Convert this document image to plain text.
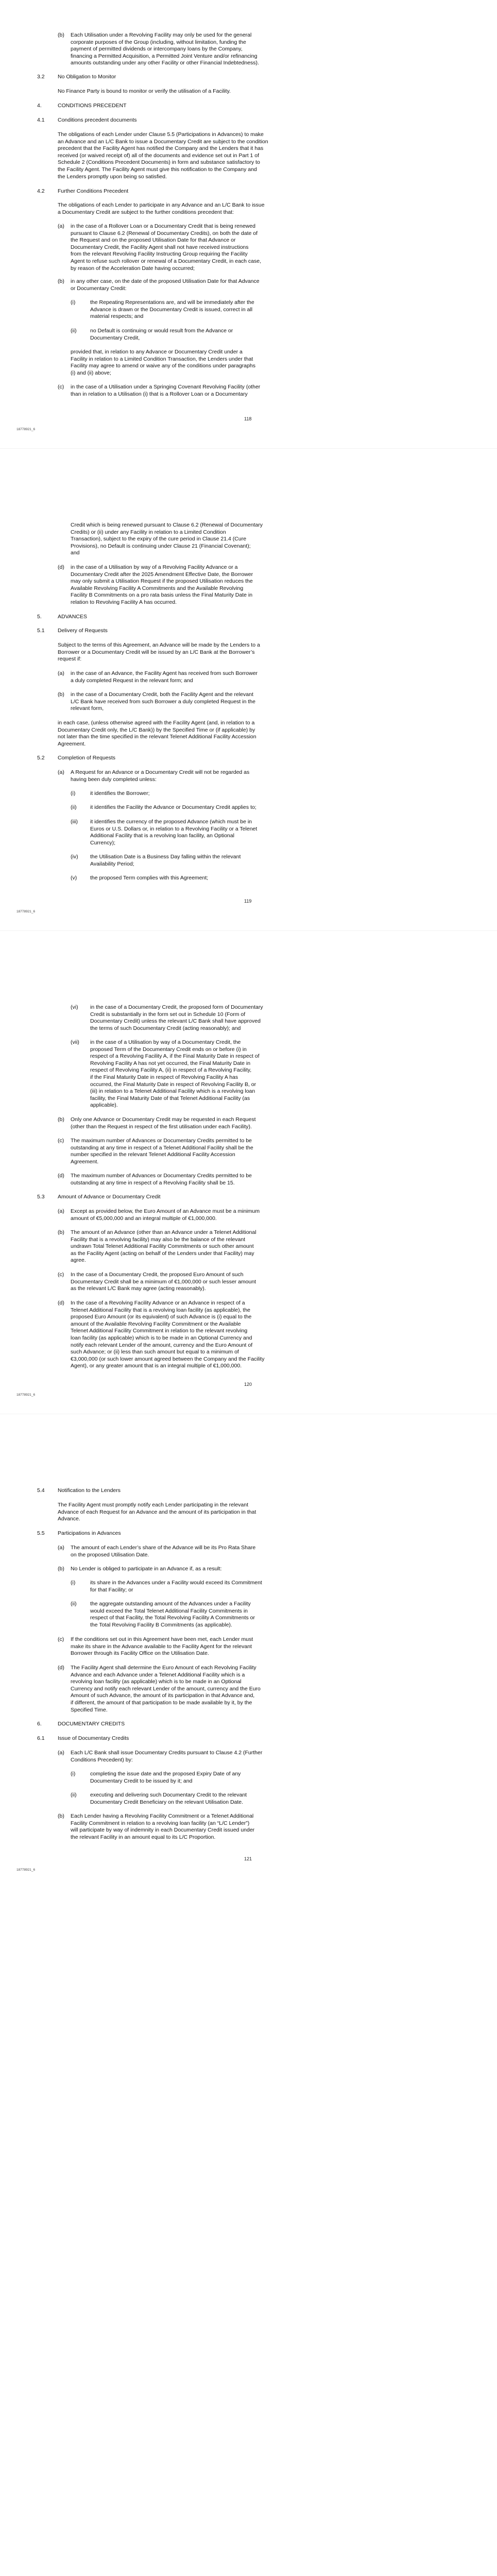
(b) Each Utilisation under a Revolving Facility may only be used for the general
corporate purposes of the Group (including, without limitation, funding the
payment of permitted dividends or intercompany loans by the Company,
financing a Permitted Acquisition, a Permitted Joint Venture and/or refinancing
amounts outstanding under any other Facility or other Financial Indebtedness).
3.2 No Obligation to Monitor
No Finance Party is bound to monitor or verify the utilisation of a Facility.
4.	CONDITIONS PRECEDENT
4.1 Conditions precedent documents
The obligations of each Lender under Clause 5.5 (Participations in Advances) to make
an Advance and an L/C Bank to issue a Documentary Credit are subject to the condition
precedent that the Facility Agent has notified the Company and the Lenders that it has
received (or waived receipt of) all of the documents and evidence set out in Part 1 of
Schedule 2 (Conditions Precedent Documents) in form and substance satisfactory to
the Facility Agent. The Facility Agent must give this notification to the Company and
the Lenders promptly upon being so satisfied.
4.2 Further Conditions Precedent
The obligations of each Lender to participate in any Advance and an L/C Bank to issue
a Documentary Credit are subject to the further conditions precedent that:
(a) in the case of a Rollover Loan or a Documentary Credit that is being renewed
pursuant to Clause 6.2 (Renewal of Documentary Credits), on both the date of
the Request and on the proposed Utilisation Date for that Advance or
Documentary Credit, the Facility Agent shall not have received instructions
from the relevant Revolving Facility Instructing Group requiring the Facility
Agent to refuse such rollover or renewal of a Documentary Credit, in each case,
by reason of the Acceleration Date having occurred;
(b) in any other case, on the date of the proposed Utilisation Date for that Advance
or Documentary Credit:
(i)	the Repeating Representations are, and will be immediately after the
Advance is drawn or the Documentary Credit is issued, correct in all
material respects; and
(ii)	no Default is continuing or would result from the Advance or
Documentary Credit,
provided that, in relation to any Advance or Documentary Credit under a
Facility in relation to a Limited Condition Transaction, the Lenders under that
Facility may agree to amend or waive any of the conditions under paragraphs
(i) and (ii) above;
(c) in the case of a Utilisation under a Springing Covenant Revolving Facility (other
than in relation to a Utilisation (i) that is a Rollover Loan or a Documentary
118
18778921_6
Credit which is being renewed pursuant to Clause 6.2 (Renewal of Documentary
Credits) or (ii) under any Facility in relation to a Limited Condition
Transaction), subject to the expiry of the cure period in Clause 21.4 (Cure
Provisions), no Default is continuing under Clause 21 (Financial Covenant);
and
(d) in the case of a Utilisation by way of a Revolving Facility Advance or a
Documentary Credit after the 2025 Amendment Effective Date, the Borrower
may only submit a Utilisation Request if the proposed Utilisation reduces the
Available Revolving Facility A Commitments and the Available Revolving
Facility B Commitments on a pro rata basis unless the Final Maturity Date in
relation to Revolving Facility A has occurred.
5.	ADVANCES
5.1 Delivery of Requests
Subject to the terms of this Agreement, an Advance will be made by the Lenders to a
Borrower or a Documentary Credit will be issued by an L/C Bank at the Borrower’s
request if:
(a) in the case of an Advance, the Facility Agent has received from such Borrower
a duly completed Request in the relevant form; and
(b) in the case of a Documentary Credit, both the Facility Agent and the relevant
L/C Bank have received from such Borrower a duly completed Request in the
relevant form,
in each case, (unless otherwise agreed with the Facility Agent (and, in relation to a
Documentary Credit only, the L/C Bank)) by the Specified Time or (if applicable) by
not later than the time specified in the relevant Telenet Additional Facility Accession
Agreement.
5.2 Completion of Requests
(a) A Request for an Advance or a Documentary Credit will not be regarded as
having been duly completed unless:
(i)	it identifies the Borrower;
(ii)	it identifies the Facility the Advance or Documentary Credit applies to;
(iii) it identifies the currency of the proposed Advance (which must be in
Euros or U.S. Dollars or, in relation to a Revolving Facility or a Telenet
Additional Facility that is a revolving loan facility, an Optional
Currency);
(iv) the Utilisation Date is a Business Day falling within the relevant
Availability Period;
(v) the proposed Term complies with this Agreement;
119
18778921_6
(vi) in the case of a Documentary Credit, the proposed form of Documentary
Credit is substantially in the form set out in Schedule 10 (Form of
Documentary Credit) unless the relevant L/C Bank shall have approved
the terms of such Documentary Credit (acting reasonably); and
(vii) in the case of a Utilisation by way of a Documentary Credit, the
proposed Term of the Documentary Credit ends on or before (i) in
respect of a Revolving Facility A, if the Final Maturity Date in respect of
Revolving Facility A has not yet occurred, the Final Maturity Date in
respect of Revolving Facility A, (ii) in respect of a Revolving Facility,
if the Final Maturity Date in respect of Revolving Facility A has
occurred, the Final Maturity Date in respect of Revolving Facility B, or
(iii) in relation to a Telenet Additional Facility which is a revolving loan
facility, the Final Maturity Date of that Telenet Additional Facility (as
applicable).
(b) Only one Advance or Documentary Credit may be requested in each Request
(other than the Request in respect of the first utilisation under each Facility).
(c) The maximum number of Advances or Documentary Credits permitted to be
outstanding at any time in respect of a Telenet Additional Facility shall be the
number specified in the relevant Telenet Additional Facility Accession
Agreement.
(d) The maximum number of Advances or Documentary Credits permitted to be
outstanding at any time in respect of a Revolving Facility shall be 15.
5.3 Amount of Advance or Documentary Credit
(a) Except as provided below, the Euro Amount of an Advance must be a minimum
amount of €5,000,000 and an integral multiple of €1,000,000.
(b) The amount of an Advance (other than an Advance under a Telenet Additional
Facility that is a revolving facility) may also be the balance of the relevant
undrawn Total Telenet Additional Facility Commitments or such other amount
as the Facility Agent (acting on behalf of the Lenders under that Facility) may
agree.
(c) In the case of a Documentary Credit, the proposed Euro Amount of such
Documentary Credit shall be a minimum of €1,000,000 or such lesser amount
as the relevant L/C Bank may agree (acting reasonably).
(d) In the case of a Revolving Facility Advance or an Advance in respect of a
Telenet Additional Facility that is a revolving loan facility (as applicable), the
proposed Euro Amount (or its equivalent) of such Advance is (i) equal to the
amount of the Available Revolving Facility Commitment or the Available
Telenet Additional Facility Commitment in relation to the relevant revolving
loan facility (as applicable) which is to be made in an Optional Currency and
notify each relevant Lender of the amount, currency and the Euro Amount of
such Advance; or (ii) less than such amount but equal to a minimum of
€3,000,000 (or such lower amount agreed between the Company and the Facility
Agent), or any greater amount that is an integral multiple of €1,000,000.
120
18778921_6
5.4 Notification to the Lenders
The Facility Agent must promptly notify each Lender participating in the relevant
Advance of each Request for an Advance and the amount of its participation in that
Advance.
5.5 Participations in Advances
(a) The amount of each Lender’s share of the Advance will be its Pro Rata Share
on the proposed Utilisation Date.
(b) No Lender is obliged to participate in an Advance if, as a result:
(i)	its share in the Advances under a Facility would exceed its Commitment
for that Facility; or
(ii)	the aggregate outstanding amount of the Advances under a Facility
would exceed the Total Telenet Additional Facility Commitments in
respect of that Facility, the Total Revolving Facility A Commitments or
the Total Revolving Facility B Commitments (as applicable).
(c) If the conditions set out in this Agreement have been met, each Lender must
make its share in the Advance available to the Facility Agent for the relevant
Borrower through its Facility Office on the Utilisation Date.
(d) The Facility Agent shall determine the Euro Amount of each Revolving Facility
Advance and each Advance under a Telenet Additional Facility which is a
revolving loan facility (as applicable) which is to be made in an Optional
Currency and notify each relevant Lender of the amount, currency and the Euro
Amount of such Advance, the amount of its participation in that Advance and,
if different, the amount of that participation to be made available by it, by the
Specified Time.
6.	DOCUMENTARY CREDITS
6.1 Issue of Documentary Credits
(a) Each L/C Bank shall issue Documentary Credits pursuant to Clause 4.2 (Further
Conditions Precedent) by:
(i)	completing the issue date and the proposed Expiry Date of any
Documentary Credit to be issued by it; and
(ii)	executing and delivering such Documentary Credit to the relevant
Documentary Credit Beneficiary on the relevant Utilisation Date.
(b) Each Lender having a Revolving Facility Commitment or a Telenet Additional
Facility Commitment in relation to a revolving loan facility (an “L/C Lender”)
will participate by way of indemnity in each Documentary Credit issued under
the relevant Facility in an amount equal to its L/C Proportion.
121
18778921_6
